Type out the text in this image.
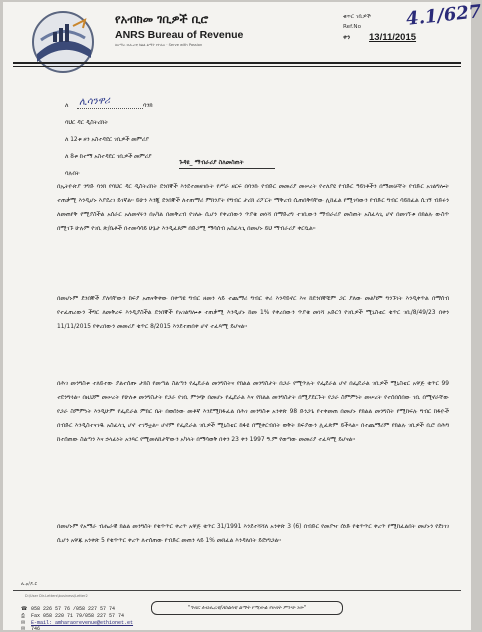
የአብክመ ገቢዎች ቢሮ
ANRS Bureau of Revenue
ለአማራ ብሔራዊ ክልል ልማት የተሰጠ · Serve with Passion
ቁጥር ገቢዎች
Ref.No
ቀን
4.1/627
13/11/2015
ለ ሊሳንዋሪ	ባንክ
ባህር ዳር ዲስትሪክት
ለ 12ቱ ዞን አስተዳደር ገቢዎች መምሪያ
ለ 8ቱ ከተማ አስተዳደር ገቢዎች መምሪያ
ባሉበት
ጉዳዩ_ ማብራሪያ ስለመስጠት

በኢትዮጵያ ንግድ ባንክ የባህር ዳር ዲስትሪክት ደንበኞች እንደተመዘገቡት የሥራ ዘርፍ በባንኩ የብድር መመሪያ መሠረት የተለያዩ የብድር ዓይነቶችን በማመቻቸት የብድር አገልግሎት ተጠቃሚ እንዲሆኑ እያደረገ ይገኛል፡፡ ይሁን እንጂ ደንበኞች ለተጠማሪ ምክንያት የግብር ታሪክ ሪፖርት ማቅረብ ሲጠበቅባቸው ሊከፈል የሚገባውን የብድር ግብር ሳይከፈል ሲገኝ ብድሩን ለመጠየቅ የሚያስችል አሰራር አለመኖሩን በአካል በመቅረብ የገለፁ ሲሆን የቀረበውን ጥያቄ መነሻ በማድረግ ተገቢውን ማብራሪያ መስጠት አስፈላጊ ሆኖ በመገኘቱ በክልሉ ውስጥ በሚገኙ ሁሉም የገቢ ጽ/ቤቶች በተመሳሳይ ሁኔታ እንዲፈጸም በድጋሚ ማሳሰብ አስፈላጊ በመሆኑ ይህ ማብራሪያ ቀርቧል፡፡

በመሆኑም ደንበኞች ያለባቸውን ከፍያ አጠናቅቀው በቀጣዩ ግብር ዘመን ላይ ተጨማሪ ግብር ቀሪ እንዳይኖር እና ከደንበኞቹም ጋር ያለው መልካም ግንኙነት እንዲቀጥል በማሰብ የተፈጠረውን ችግር ለመቅረፍ እንዲያስችል ደንበኞች የአገልግሎቱ ተጠቃሚ እንዲሆኑ ከመ 1% የቀረበውን ጥያቄ መነሻ አድርጎ የገቢዎች ሚኒስቴር ቁጥር ገቢ/8/49/23 በቀን 11/11/2015 የቀረበውን መመሪያ ቁጥር 8/2015 እንደተጠበቀ ሆኖ ተፈጻሚ ይሆናል፡፡

በሕገ መንግስቱ ተለይተው ያልተሰጡ ታክስ የመጣል ስልጣን የፌዴራል መንግስትና የክልል መንግስታት በጋራ የሚጥሉት የፌደራል ሆኖ በፌዴራል ገቢዎች ሚኒስቴር አዋጅ ቁጥር 99 ተደንግጓል፡፡ በዚህም መሠረት የሁለቱ መንግስታት የጋራ የገቢ ምንጭ በመሆኑ የፌደራል እና የክልል መንግስታት በሚያደርጉት የጋራ ስምምነት መሠረት የተሰበሰበው ገቢ በሚኖራቸው የጋራ ስምምነት እንዲሁም የፌዴራል ምክር ቤት በወሰነው መቶኛ እንደሚከፋፈል በሕገ መንግስቱ አንቀጽ 98 ድንጋጌ የተቀመጠ በመሆኑ የክልል መንግስት የሚከፍሉ ግብር ከፋዮች በብድር እንዲስተናገዱ አስፈላጊ ሆኖ ተገኝቷል፡፡ ሆኖም የፌዴራል ገቢዎች ሚኒስቴር ከፋዩ በሚቀርብበት ወቅት ክፍያውን ሊፈጽም ይችላል፡፡ በተጨማሪም የክልሉ ገቢዎች ቢሮ በሕግ ከተሰጠው ስልጣን እና ኃላፊነት አንጻር የሚመለከታቸውን አካላት በማሳወቅ በቀን 23 ቀን 1997 ዓ.ም የወጣው መመሪያ ተፈጻሚ ይሆናል፡፡

በመሆኑም የአማራ ብሔራዊ ክልል መንግስት የቁጥጥር ቀረጥ አዋጅ ቁጥር 31/1991 እንደተሻሻለ አንቀጽ 3 (6) በብድር የመያዣ ሰነድ የቁጥጥር ቀረጥ የሚከፈልበት መሆኑን የደነገገ ሲሆን አዋጁ አንቀጽ 5 የቁጥጥር ቀረጥ ለተሰጠው የብድር መጠን ላይ 1% መክፈል እንዳለበት ይደነግጋል፡፡

ሊ.ዐ/ዶ.ር
D:\User Dir-Letters\business\Letter2
"ግብር ለብሔራዊ/ለክልላዊ ልማት የሚውል የሀብት ምንጭ ነው"
☎
⎙
✉
✉
058 226 57 76 /058 227 57 74
Fax 058 220 71 79/058 227 57 74
E-mail: amharaorevenue@ethionet.et
746
